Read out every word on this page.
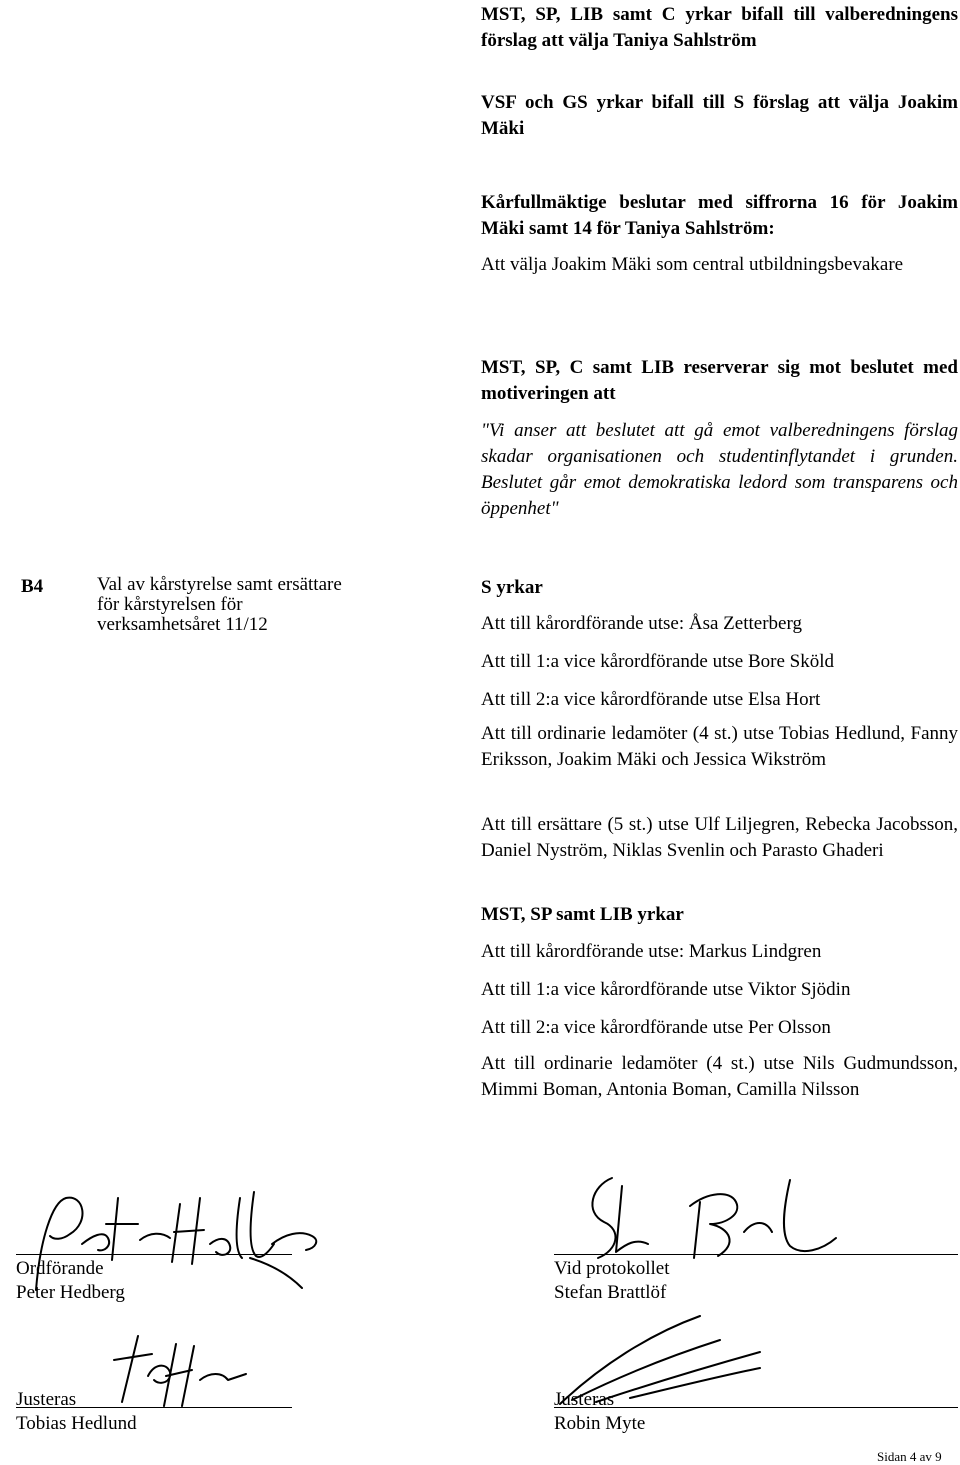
MST, SP, LIB samt C yrkar bifall till valberedningens förslag att välja Taniya Sahlström

VSF och GS yrkar bifall till S förslag att välja Joakim Mäki

Kårfullmäktige beslutar med siffrorna 16 för Joakim Mäki samt 14 för Taniya Sahlström:

Att välja Joakim Mäki som central utbildningsbevakare

MST, SP, C samt LIB reserverar sig mot beslutet med motiveringen att

"Vi anser att beslutet att gå emot valberedningens förslag skadar organisationen och studentinflytandet i grunden. Beslutet går emot demokratiska ledord som transparens och öppenhet"

B4	Val av kårstyrelse samt ersättare för kårstyrelsen för verksamhetsåret 11/12

S yrkar

Att till kårordförande utse: Åsa Zetterberg

Att till 1:a vice kårordförande utse Bore Sköld

Att till 2:a vice kårordförande utse Elsa Hort

Att till ordinarie ledamöter (4 st.) utse Tobias Hedlund, Fanny Eriksson, Joakim Mäki och Jessica Wikström

Att till ersättare (5 st.) utse Ulf Liljegren, Rebecka Jacobsson, Daniel Nyström, Niklas Svenlin och Parasto Ghaderi

MST, SP samt LIB yrkar

Att till kårordförande utse: Markus Lindgren

Att till 1:a vice kårordförande utse Viktor Sjödin

Att till 2:a vice kårordförande utse Per Olsson

Att till ordinarie ledamöter (4 st.) utse Nils Gudmundsson, Mimmi Boman, Antonia Boman, Camilla Nilsson

Ordförande
Peter Hedberg
Vid protokollet
Stefan Brattlöf
Justeras
Tobias Hedlund
Justeras
Robin Myte
Sidan 4 av 9
